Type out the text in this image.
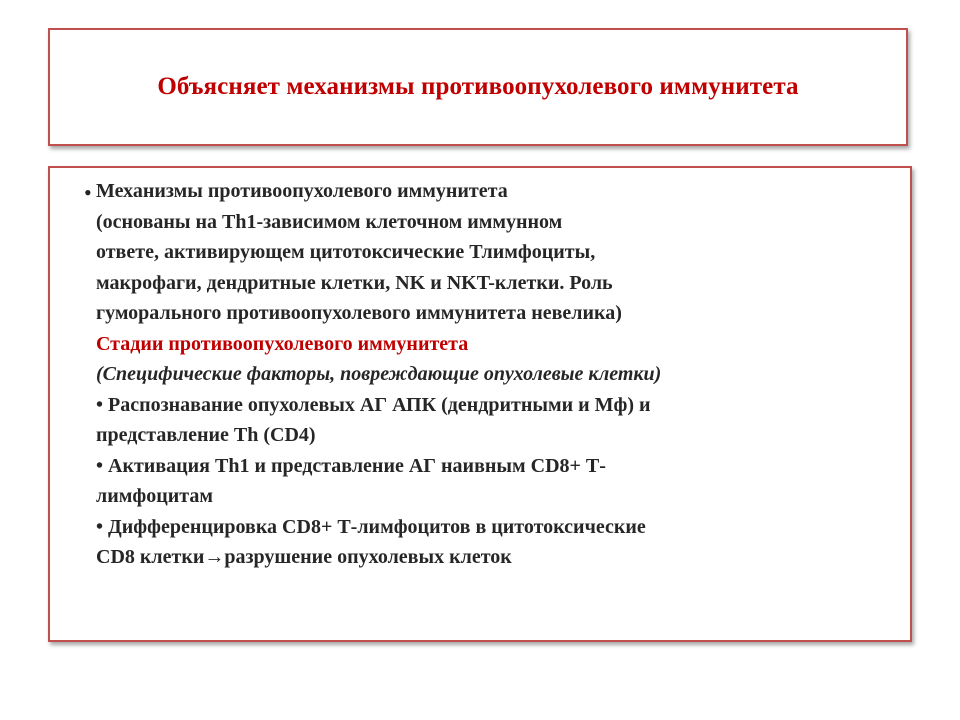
Объясняет механизмы противоопухолевого иммунитета
• Механизмы противоопухолевого иммунитета
(основаны на Th1-зависимом клеточном иммунном
ответе, активирующем цитотоксические Тлимфоциты,
макрофаги, дендритные клетки, NK и NKT-клетки. Роль
гуморального противоопухолевого иммунитета невелика)
Стадии противоопухолевого иммунитета
(Специфические факторы, повреждающие опухолевые клетки)
• Распознавание опухолевых АГ АПК (дендритными и Мф) и
представление Th (CD4)
• Активация Th1 и представление АГ наивным CD8+ Т-
лимфоцитам
• Дифференцировка CD8+ Т-лимфоцитов в цитотоксические
CD8 клетки→разрушение опухолевых клеток
